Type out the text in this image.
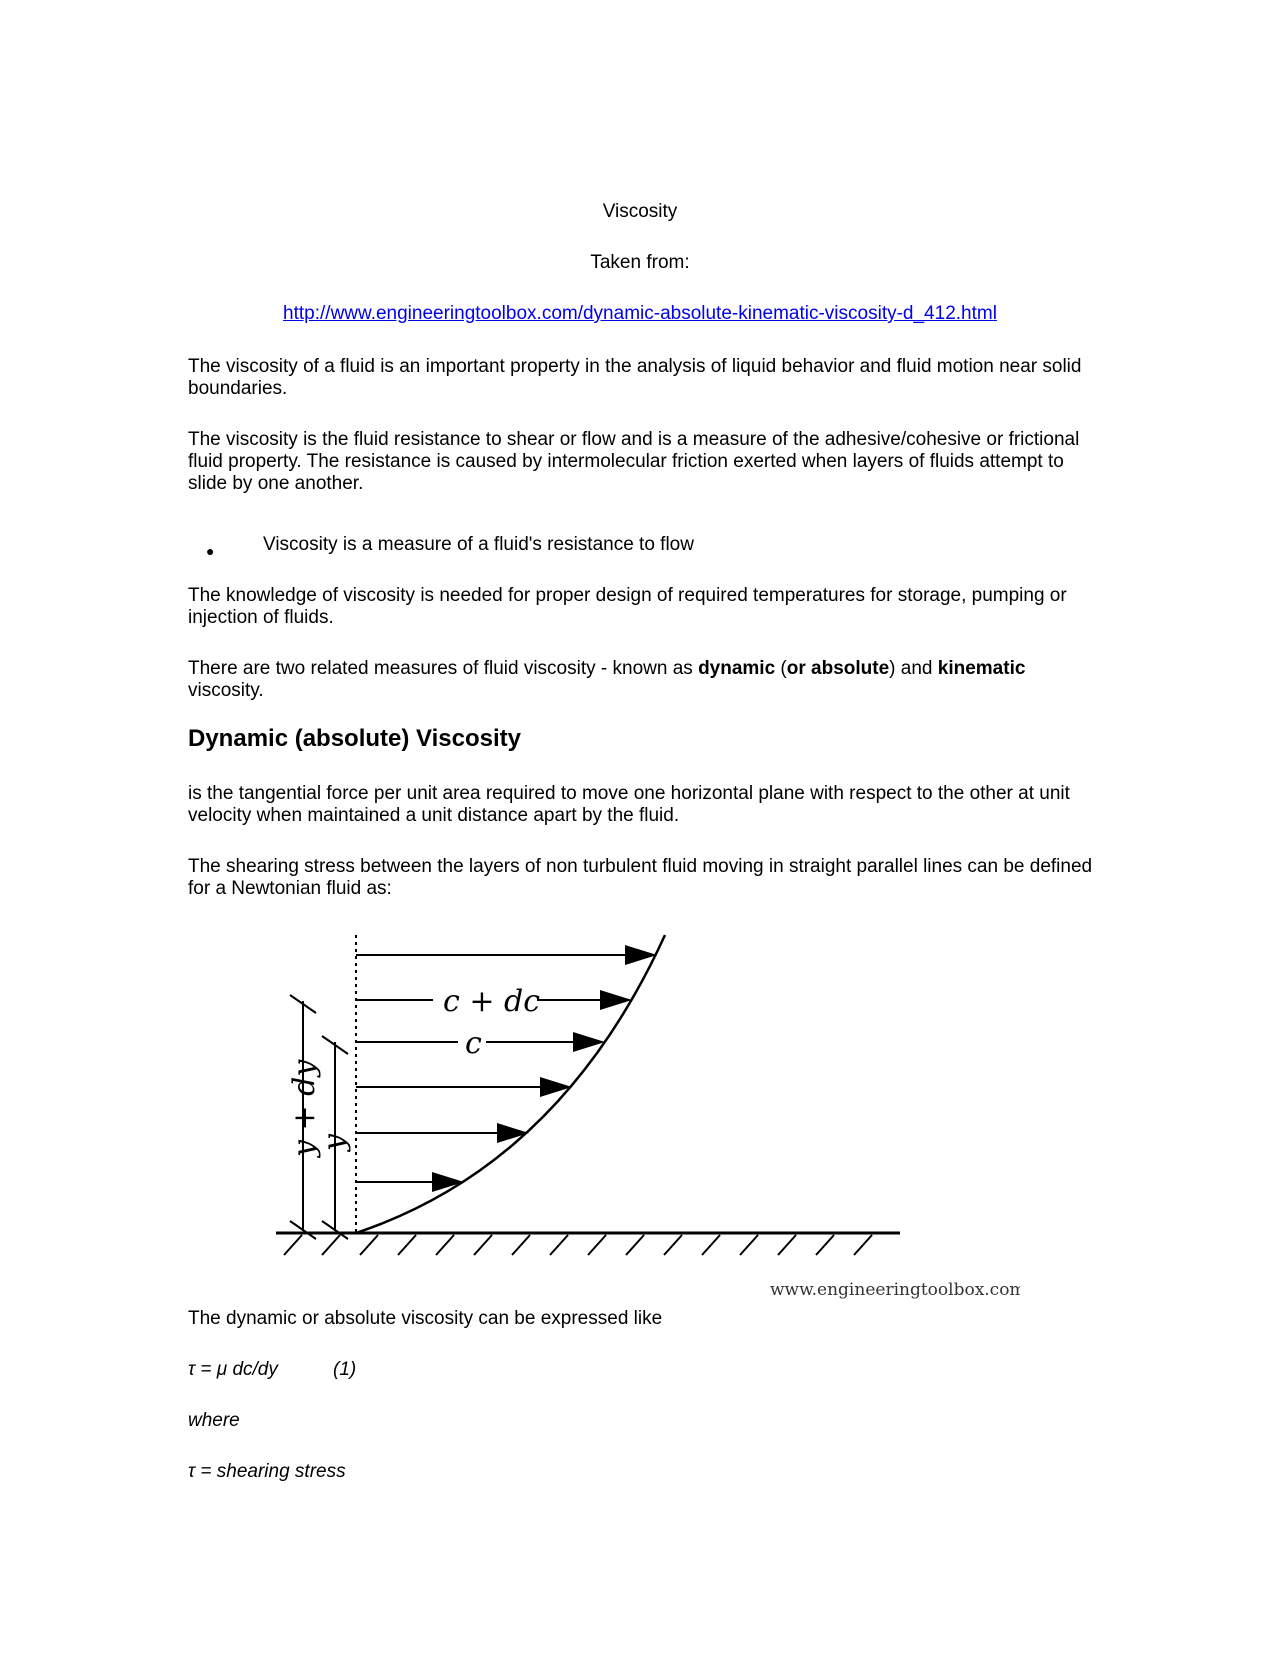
Viscosity
Taken from:
http://www.engineeringtoolbox.com/dynamic-absolute-kinematic-viscosity-d_412.html
The viscosity of a fluid is an important property in the analysis of liquid behavior and fluid motion near solid boundaries.
The viscosity is the fluid resistance to shear or flow and is a measure of the adhesive/cohesive or frictional fluid property. The resistance is caused by intermolecular friction exerted when layers of fluids attempt to slide by one another.
●	Viscosity is a measure of a fluid's resistance to flow
The knowledge of viscosity is needed for proper design of required temperatures for storage, pumping or injection of fluids.
There are two related measures of fluid viscosity - known as dynamic (or absolute) and kinematic viscosity.
Dynamic (absolute) Viscosity
is the tangential force per unit area required to move one horizontal plane with respect to the other at unit velocity when maintained a unit distance apart by the fluid.
The shearing stress between the layers of non turbulent fluid moving in straight parallel lines can be defined for a Newtonian fluid as:
c + dc
c
y + dy
y
www.engineeringtoolbox.com
The dynamic or absolute viscosity can be expressed like
τ = μ dc/dy	(1)
where
τ = shearing stress
